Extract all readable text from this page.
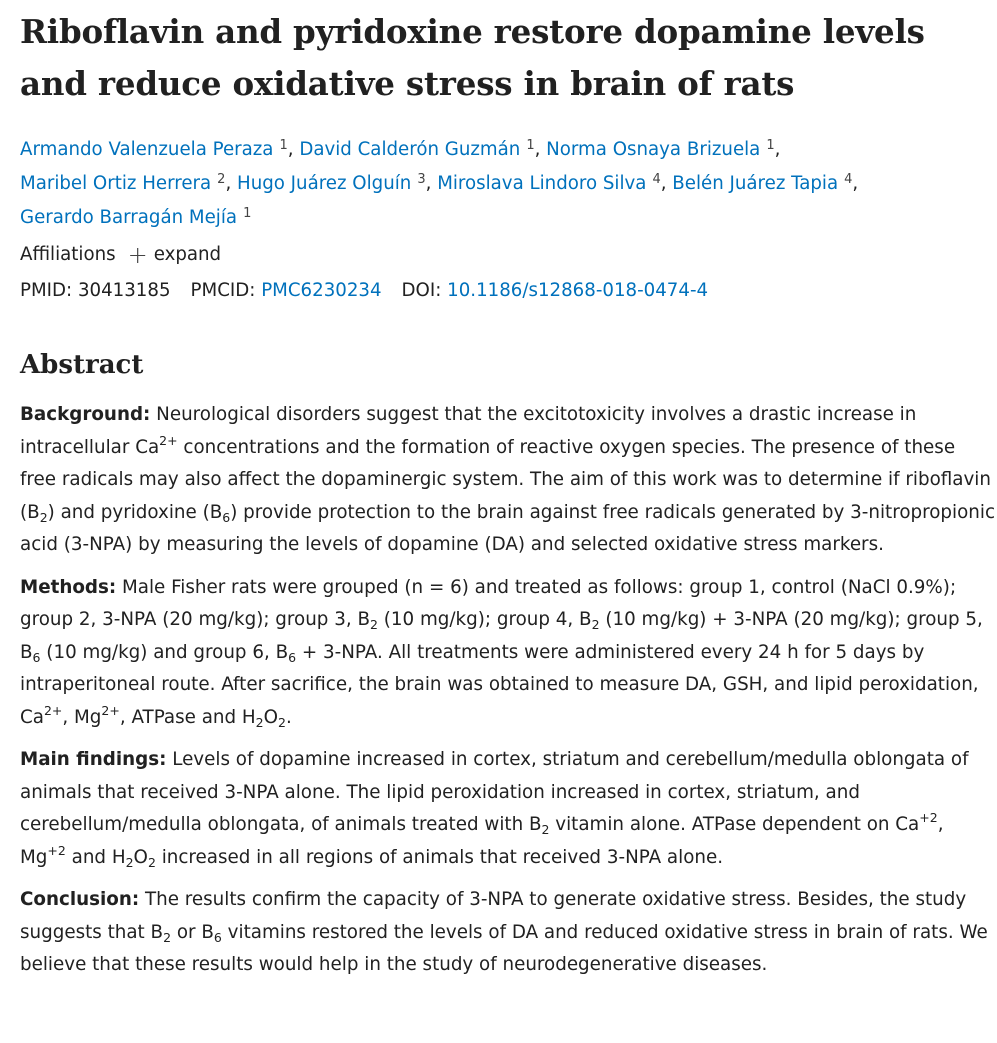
Riboflavin and pyridoxine restore dopamine levels
and reduce oxidative stress in brain of rats
Armando Valenzuela Peraza $^1$, David Calderón Guzmán $^1$, Norma Osnaya Brizuela $^1$,
Maribel Ortiz Herrera $^2$, Hugo Juárez Olguín $^3$, Miroslava Lindoro Silva $^4$, Belén Juárez Tapia $^4$,
Gerardo Barragán Mejía $^1$
Affiliations + expand
PMID: 30413185 PMCID: PMC6230234 DOI: 10.1186/s12868-018-0474-4
Abstract

Background: Neurological disorders suggest that the excitotoxicity involves a drastic increase in intracellular $Ca^{2+}$ concentrations and the formation of reactive oxygen species. The presence of these free radicals may also affect the dopaminergic system. The aim of this work was to determine if riboflavin $(B_2)$ and pyridoxine $(B_6)$ provide protection to the brain against free radicals generated by 3-nitropropionic acid (3-NPA) by measuring the levels of dopamine (DA) and selected oxidative stress markers.

Methods: Male Fisher rats were grouped (n = 6) and treated as follows: group 1, control (NaCl 0.9%); group 2, 3-NPA (20 mg/kg); group 3, $B_2$ (10 mg/kg); group 4, $B_2$ (10 mg/kg) + 3-NPA (20 mg/kg); group 5, $B_6$ (10 mg/kg) and group 6, $B_6 + 3-NPA$. All treatments were administered every 24 h for 5 days by intraperitoneal route. After sacrifice, the brain was obtained to measure DA, GSH, and lipid peroxidation, $Ca^{2+}$, $Mg^{2+}$, ATPase and $H_2O_2$.

Main findings: Levels of dopamine increased in cortex, striatum and cerebellum/medulla oblongata of animals that received 3-NPA alone. The lipid peroxidation increased in cortex, striatum, and cerebellum/medulla oblongata, of animals treated with $B_2$ vitamin alone. ATPase dependent on $Ca^{+2}$, $Mg^{+2}$ and $H_2O_2$ increased in all regions of animals that received 3-NPA alone.

Conclusion: The results confirm the capacity of 3-NPA to generate oxidative stress. Besides, the study suggests that $B_2$ or $B_6$ vitamins restored the levels of DA and reduced oxidative stress in brain of rats. We believe that these results would help in the study of neurodegenerative diseases.
